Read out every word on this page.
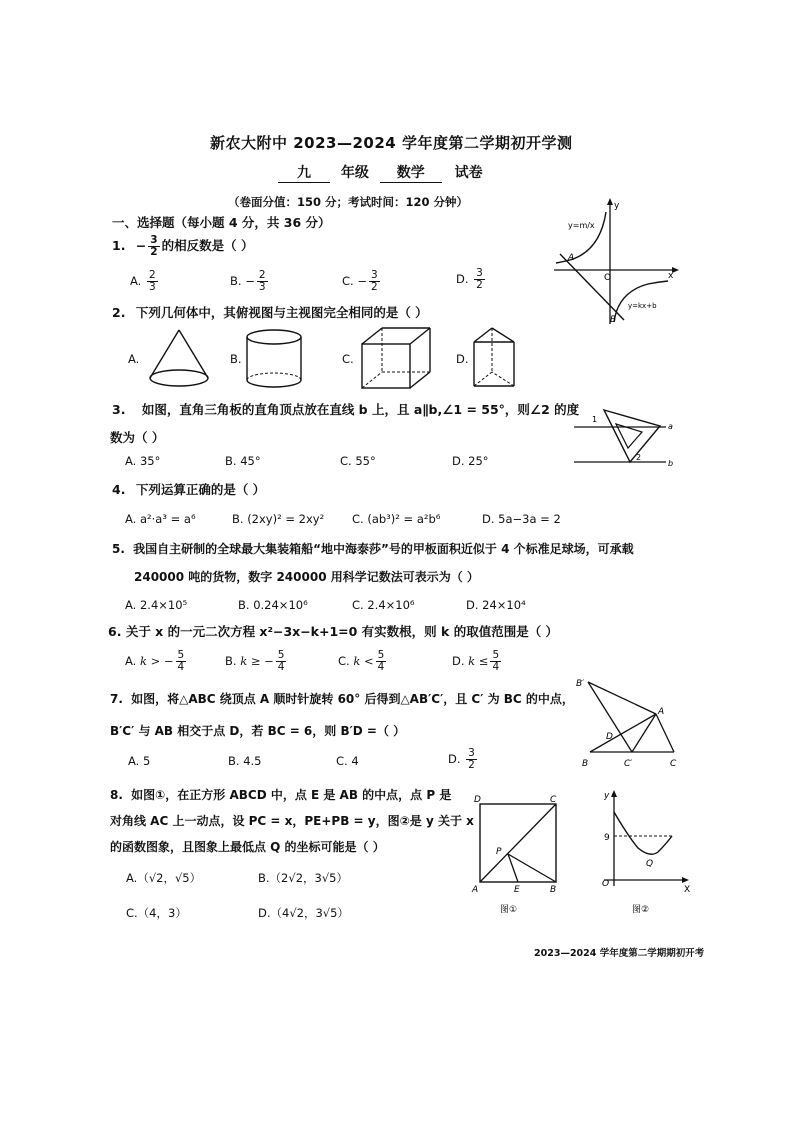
新农大附中 2023—2024 学年度第二学期初开学测
九 年级 数学 试卷
（卷面分值：150 分；考试时间：120 分钟）
一、选择题（每小题 4 分，共 36 分）
1. − $\frac{3}{2}$ 的相反数是（ ）
A. $\frac{2}{3}$	B. − $\frac{2}{3}$	C. − $\frac{3}{2}$	D. $\frac{3}{2}$
y
x
O
A
B
y=m/x
y=kx+b
2. 下列几何体中，其俯视图与主视图完全相同的是（ ）
A.	B.	C.	D.
3. 如图，直角三角板的直角顶点放在直线 b 上，且 a∥b,∠1 = 55°，则∠2 的度
数为（ ）
A. 35°	B. 45°	C. 55°	D. 25°
1
2
a
b
4. 下列运算正确的是（ ）
A. a²·a³ = a⁶	B. (2xy)² = 2xy² C. (ab³)² = a²b⁶	D. 5a−3a = 2
5. 我国自主研制的全球最大集装箱船“地中海泰莎”号的甲板面积近似于 4 个标准足球场，可承载
240000 吨的货物，数字 240000 用科学记数法可表示为（ ）
A. 2.4×10⁵	B. 0.24×10⁶	C. 2.4×10⁶	D. 24×10⁴
6. 关于 x 的一元二次方程 x²−3x−k+1=0 有实数根，则 k 的取值范围是（ ）
A. k > − $\frac{5}{4}$	B. k ≥ − $\frac{5}{4}$	C. $k < \frac{5}{4}$	D. $k \le \frac{5}{4}$
7. 如图，将△ABC 绕顶点 A 顺时针旋转 60° 后得到△AB′C′，且 C′ 为 BC 的中点，
B′C′ 与 AB 相交于点 D，若 BC = 6，则 B′D =（ ）
A. 5	B. 4.5	C. 4	D. $\frac{3}{2}$
B′
A
D
B	C′	C
8. 如图①，在正方形 ABCD 中，点 E 是 AB 的中点，点 P 是
对角线 AC 上一动点，设 PC = x，PE+PB = y，图②是 y 关于 x
的函数图象，且图象上最低点 Q 的坐标可能是（ ）
A.（√2，√5）	B.（2√2，3√5）
C.（4，3）	D.（4√2，3√5）
D	C
P
A	E	B
图①
y
9
Q
O
X
图②
2023—2024 学年度第二学期期初开考
